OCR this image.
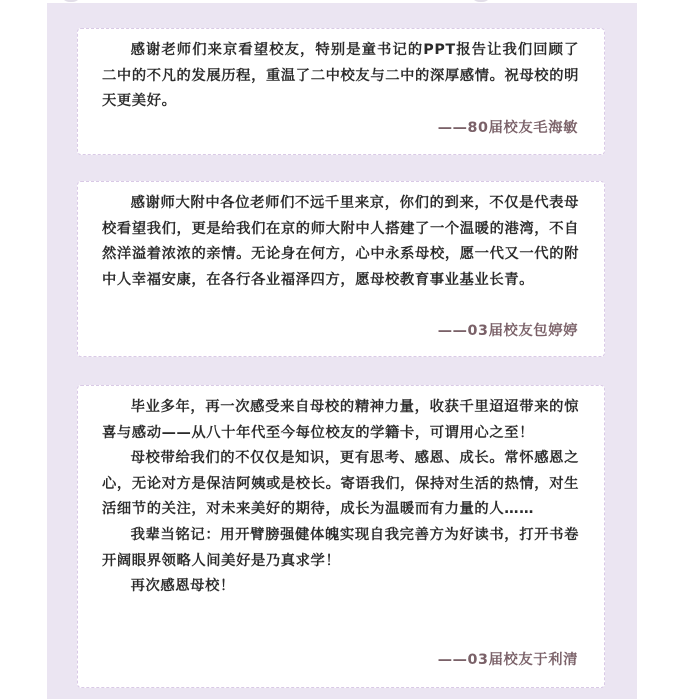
感谢老师们来京看望校友，特别是童书记的PPT报告让我们回顾了二中的不凡的发展历程，重温了二中校友与二中的深厚感情。祝母校的明天更美好。

——80届校友毛海敏

感谢师大附中各位老师们不远千里来京，你们的到来，不仅是代表母校看望我们，更是给我们在京的师大附中人搭建了一个温暖的港湾，不自然洋溢着浓浓的亲情。无论身在何方，心中永系母校，愿一代又一代的附中人幸福安康，在各行各业福泽四方，愿母校教育事业基业长青。

——03届校友包婷婷

毕业多年，再一次感受来自母校的精神力量，收获千里迢迢带来的惊喜与感动——从八十年代至今每位校友的学籍卡，可谓用心之至！

母校带给我们的不仅仅是知识，更有思考、感恩、成长。常怀感恩之心，无论对方是保洁阿姨或是校长。寄语我们，保持对生活的热情，对生活细节的关注，对未来美好的期待，成长为温暖而有力量的人……

我辈当铭记：用开臂膀强健体魄实现自我完善方为好读书，打开书卷开阔眼界领略人间美好是乃真求学！

再次感恩母校！

——03届校友于利清
